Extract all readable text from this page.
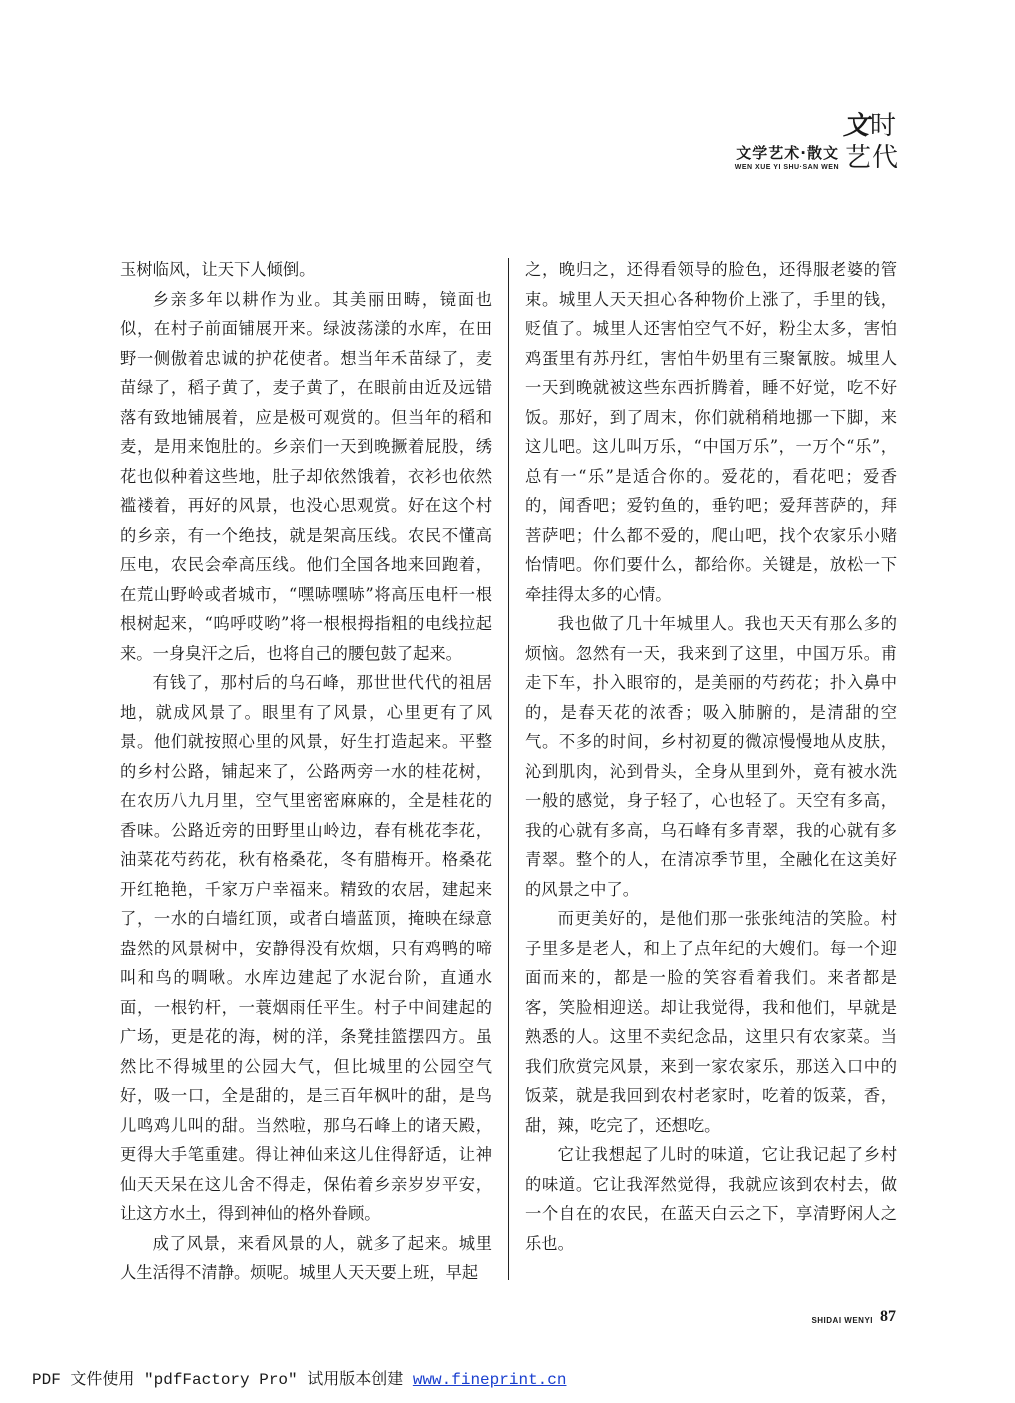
文学艺术·散文
WEN XUE YI SHU·SAN WEN
文 时
艺 代

玉树临风，让天下人倾倒。

乡亲多年以耕作为业。其美丽田畴，镜面也似，在村子前面铺展开来。绿波荡漾的水库，在田野一侧傲着忠诚的护花使者。想当年禾苗绿了，麦苗绿了，稻子黄了，麦子黄了，在眼前由近及远错落有致地铺展着，应是极可观赏的。但当年的稻和麦，是用来饱肚的。乡亲们一天到晚撅着屁股，绣花也似种着这些地，肚子却依然饿着，衣衫也依然褴褛着，再好的风景，也没心思观赏。好在这个村的乡亲，有一个绝技，就是架高压线。农民不懂高压电，农民会牵高压线。他们全国各地来回跑着，在荒山野岭或者城市，“嘿哧嘿哧”将高压电杆一根根树起来，“呜呼哎哟”将一根根拇指粗的电线拉起来。一身臭汗之后，也将自己的腰包鼓了起来。

有钱了，那村后的乌石峰，那世世代代的祖居地，就成风景了。眼里有了风景，心里更有了风景。他们就按照心里的风景，好生打造起来。平整的乡村公路，铺起来了，公路两旁一水的桂花树，在农历八九月里，空气里密密麻麻的，全是桂花的香味。公路近旁的田野里山岭边，春有桃花李花，油菜花芍药花，秋有格桑花，冬有腊梅开。格桑花开红艳艳，千家万户幸福来。精致的农居，建起来了，一水的白墙红顶，或者白墙蓝顶，掩映在绿意盎然的风景树中，安静得没有炊烟，只有鸡鸭的啼叫和鸟的啁啾。水库边建起了水泥台阶，直通水面，一根钓杆，一蓑烟雨任平生。村子中间建起的广场，更是花的海，树的洋，条凳挂篮摆四方。虽然比不得城里的公园大气，但比城里的公园空气好，吸一口，全是甜的，是三百年枫叶的甜，是鸟儿鸣鸡儿叫的甜。当然啦，那乌石峰上的诸天殿，更得大手笔重建。得让神仙来这儿住得舒适，让神仙天天呆在这儿舍不得走，保佑着乡亲岁岁平安，让这方水土，得到神仙的格外眷顾。

成了风景，来看风景的人，就多了起来。城里人生活得不清静。烦呢。城里人天天要上班，早起

之，晚归之，还得看领导的脸色，还得服老婆的管束。城里人天天担心各种物价上涨了，手里的钱，贬值了。城里人还害怕空气不好，粉尘太多，害怕鸡蛋里有苏丹红，害怕牛奶里有三聚氰胺。城里人一天到晚就被这些东西折腾着，睡不好觉，吃不好饭。那好，到了周末，你们就稍稍地挪一下脚，来这儿吧。这儿叫万乐，“中国万乐”，一万个“乐”，总有一“乐”是适合你的。爱花的，看花吧；爱香的，闻香吧；爱钓鱼的，垂钓吧；爱拜菩萨的，拜菩萨吧；什么都不爱的，爬山吧，找个农家乐小赌怡情吧。你们要什么，都给你。关键是，放松一下牵挂得太多的心情。

我也做了几十年城里人。我也天天有那么多的烦恼。忽然有一天，我来到了这里，中国万乐。甫走下车，扑入眼帘的，是美丽的芍药花；扑入鼻中的，是春天花的浓香；吸入肺腑的，是清甜的空气。不多的时间，乡村初夏的微凉慢慢地从皮肤，沁到肌肉，沁到骨头，全身从里到外，竟有被水洗一般的感觉，身子轻了，心也轻了。天空有多高，我的心就有多高，乌石峰有多青翠，我的心就有多青翠。整个的人，在清凉季节里，全融化在这美好的风景之中了。

而更美好的，是他们那一张张纯洁的笑脸。村子里多是老人，和上了点年纪的大嫂们。每一个迎面而来的，都是一脸的笑容看着我们。来者都是客，笑脸相迎送。却让我觉得，我和他们，早就是熟悉的人。这里不卖纪念品，这里只有农家菜。当我们欣赏完风景，来到一家农家乐，那送入口中的饭菜，就是我回到农村老家时，吃着的饭菜，香，甜，辣，吃完了，还想吃。

它让我想起了儿时的味道，它让我记起了乡村的味道。它让我浑然觉得，我就应该到农村去，做一个自在的农民，在蓝天白云之下，享清野闲人之乐也。

SHIDAI WENYI 87
PDF 文件使用 "pdfFactory Pro" 试用版本创建 www.fineprint.cn
